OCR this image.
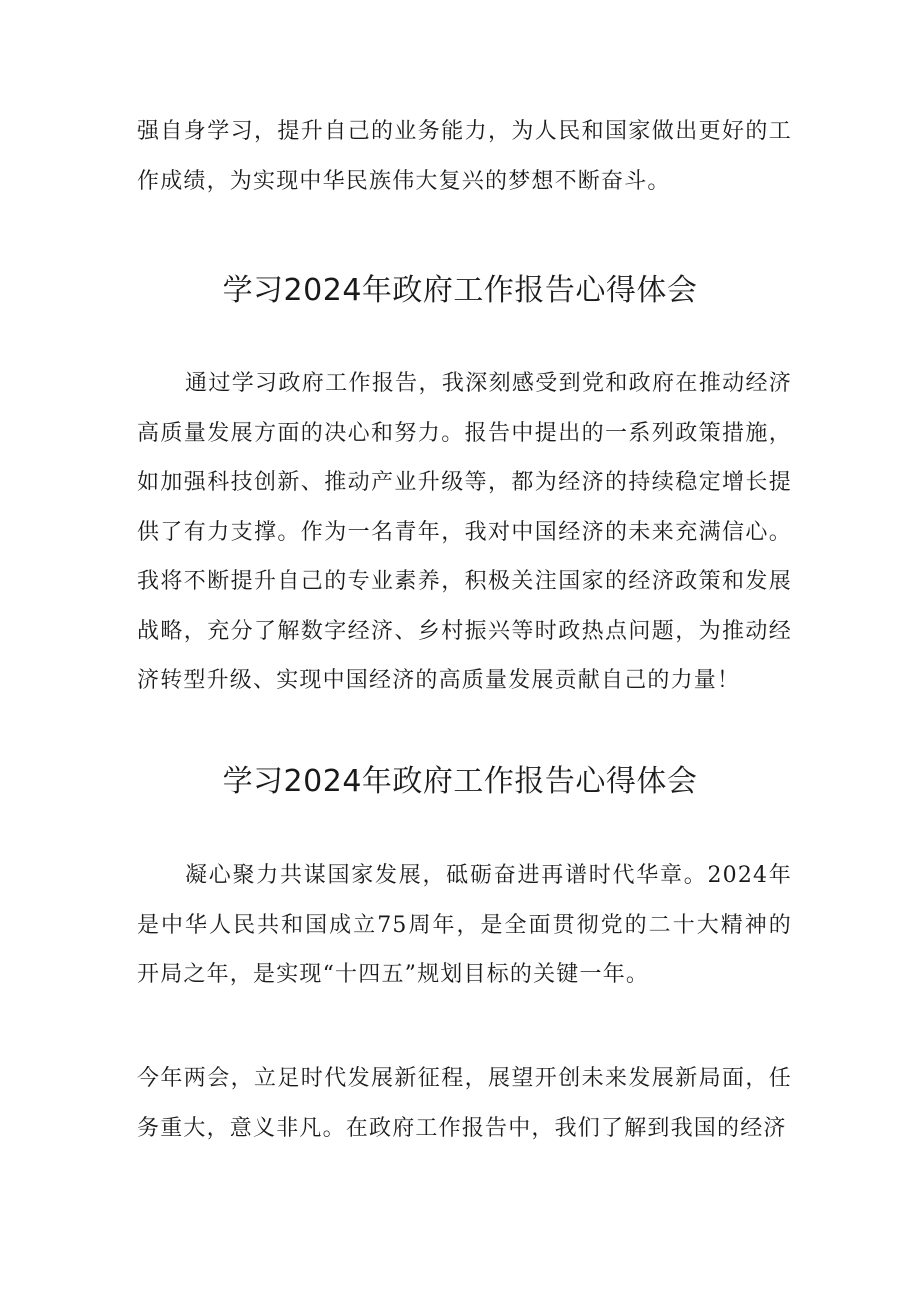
强自身学习，提升自己的业务能力，为人民和国家做出更好的工作成绩，为实现中华民族伟大复兴的梦想不断奋斗。

学习2024年政府工作报告心得体会

通过学习政府工作报告，我深刻感受到党和政府在推动经济高质量发展方面的决心和努力。报告中提出的一系列政策措施，如加强科技创新、推动产业升级等，都为经济的持续稳定增长提供了有力支撑。作为一名青年，我对中国经济的未来充满信心。我将不断提升自己的专业素养，积极关注国家的经济政策和发展战略，充分了解数字经济、乡村振兴等时政热点问题，为推动经济转型升级、实现中国经济的高质量发展贡献自己的力量！

学习2024年政府工作报告心得体会

凝心聚力共谋国家发展，砥砺奋进再谱时代华章。2024年是中华人民共和国成立75周年，是全面贯彻党的二十大精神的开局之年，是实现“十四五”规划目标的关键一年。

今年两会，立足时代发展新征程，展望开创未来发展新局面，任务重大，意义非凡。在政府工作报告中，我们了解到我国的经济
